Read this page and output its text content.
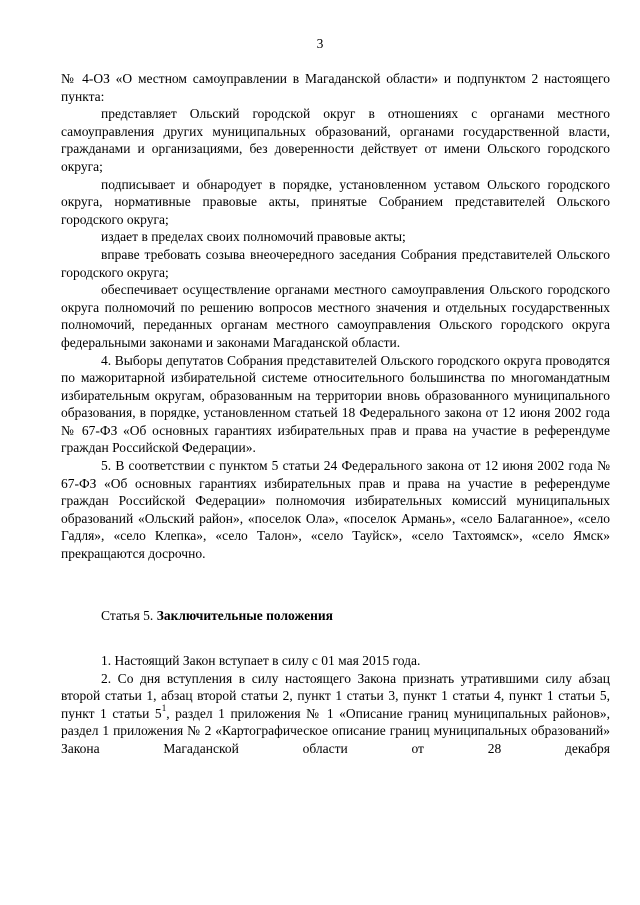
3

№ 4-ОЗ «О местном самоуправлении в Магаданской области» и подпунктом 2 настоящего пункта:

представляет Ольский городской округ в отношениях с органами местного самоуправления других муниципальных образований, органами государственной власти, гражданами и организациями, без доверенности действует от имени Ольского городского округа;

подписывает и обнародует в порядке, установленном уставом Ольского городского округа, нормативные правовые акты, принятые Собранием представителей Ольского городского округа;

издает в пределах своих полномочий правовые акты;

вправе требовать созыва внеочередного заседания Собрания представителей Ольского городского округа;

обеспечивает осуществление органами местного самоуправления Ольского городского округа полномочий по решению вопросов местного значения и отдельных государственных полномочий, переданных органам местного самоуправления Ольского городского округа федеральными законами и законами Магаданской области.

4. Выборы депутатов Собрания представителей Ольского городского округа проводятся по мажоритарной избирательной системе относительного большинства по многомандатным избирательным округам, образованным на территории вновь образованного муниципального образования, в порядке, установленном статьей 18 Федерального закона от 12 июня 2002 года № 67-ФЗ «Об основных гарантиях избирательных прав и права на участие в референдуме граждан Российской Федерации».

5. В соответствии с пунктом 5 статьи 24 Федерального закона от 12 июня 2002 года № 67-ФЗ «Об основных гарантиях избирательных прав и права на участие в референдуме граждан Российской Федерации» полномочия избирательных комиссий муниципальных образований «Ольский район», «поселок Ола», «поселок Армань», «село Балаганное», «село Гадля», «село Клепка», «село Талон», «село Тауйск», «село Тахтоямск», «село Ямск» прекращаются досрочно.

Статья 5. Заключительные положения

1. Настоящий Закон вступает в силу с 01 мая 2015 года.

2. Со дня вступления в силу настоящего Закона признать утратившими силу абзац второй статьи 1, абзац второй статьи 2, пункт 1 статьи 3, пункт 1 статьи 4, пункт 1 статьи 5, пункт 1 статьи $5^1$, раздел 1 приложения № 1 «Описание границ муниципальных районов», раздел 1 приложения № 2 «Картографическое описание границ муниципальных образований» Закона Магаданской области от 28 декабря
